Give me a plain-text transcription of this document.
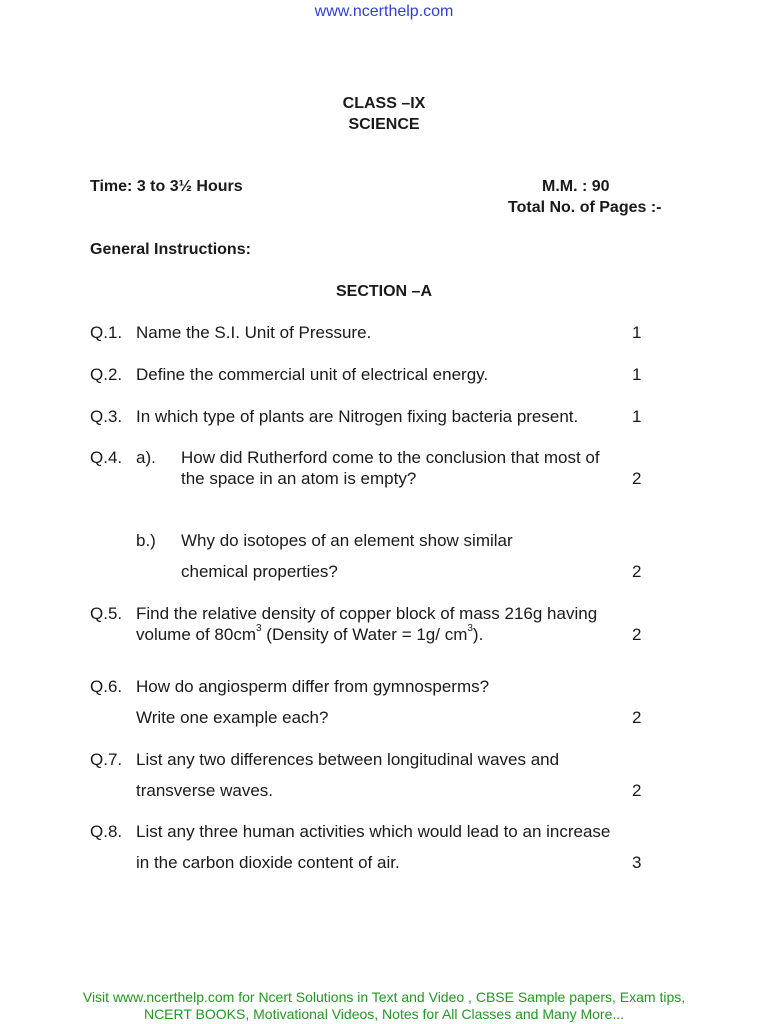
www.ncerthelp.com
CLASS –IX
SCIENCE
Time: 3 to 3½ Hours	M.M. : 90
Total No. of Pages :-
General Instructions:
SECTION –A
Q.1. Name the S.I. Unit of Pressure.	1
Q.2. Define the commercial unit of electrical energy.	1
Q.3. In which type of plants are Nitrogen fixing bacteria present.	1
Q.4. a). How did Rutherford come to the conclusion that most of
the space in an atom is empty?	2
b.) Why do isotopes of an element show similar
chemical properties?	2
Q.5. Find the relative density of copper block of mass 216g having
volume of $80cm^3$ (Density of Water = 1g/ $cm^3$).	2
Q.6. How do angiosperm differ from gymnosperms?
Write one example each?	2
Q.7. List any two differences between longitudinal waves and
transverse waves.	2
Q.8. List any three human activities which would lead to an increase
in the carbon dioxide content of air.	3
Visit www.ncerthelp.com for Ncert Solutions in Text and Video , CBSE Sample papers, Exam tips,
NCERT BOOKS, Motivational Videos, Notes for All Classes and Many More...
